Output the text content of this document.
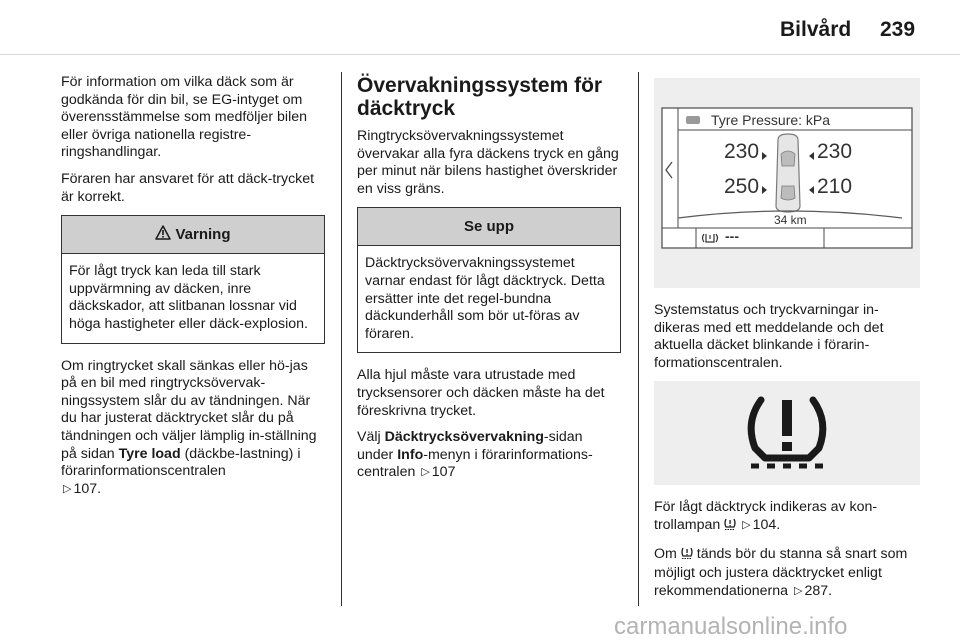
Bilvård 239

För information om vilka däck som är godkända för din bil, se EG-intyget om överensstämmelse som medföljer bilen eller övriga nationella registre-ringshandlingar.

Föraren har ansvaret för att däck-trycket är korrekt.

Varning
För lågt tryck kan leda till stark uppvärmning av däcken, inre däckskador, att slitbanan lossnar vid höga hastigheter eller däck-explosion.

Om ringtrycket skall sänkas eller hö-jas på en bil med ringtrycksövervak-ningssystem slår du av tändningen. När du har justerat däcktrycket slår du på tändningen och väljer lämplig in-ställning på sidan Tyre load (däckbe-lastning) i förarinformationscentralen
▷ 107.

Övervakningssystem för däcktryck

Ringtrycksövervakningssystemet övervakar alla fyra däckens tryck en gång per minut när bilens hastighet överskrider en viss gräns.

Se upp
Däcktrycksövervakningssystemet varnar endast för lågt däcktryck. Detta ersätter inte det regel-bundna däckunderhåll som bör ut-föras av föraren.

Alla hjul måste vara utrustade med trycksensorer och däcken måste ha det föreskrivna trycket.

Välj Däcktrycksövervakning-sidan under Info-menyn i förarinformations-centralen ▷ 107

Tyre Pressure: kPa
230	230
250	210
34 km
---

Systemstatus och tryckvarningar in-dikeras med ett meddelande och det aktuella däcket blinkande i förarin-formationscentralen.

För lågt däcktryck indikeras av kon-trollampan ▷ 104.

Om tänds bör du stanna så snart som möjligt och justera däcktrycket enligt rekommendationerna ▷ 287.

carmanualsonline.info
